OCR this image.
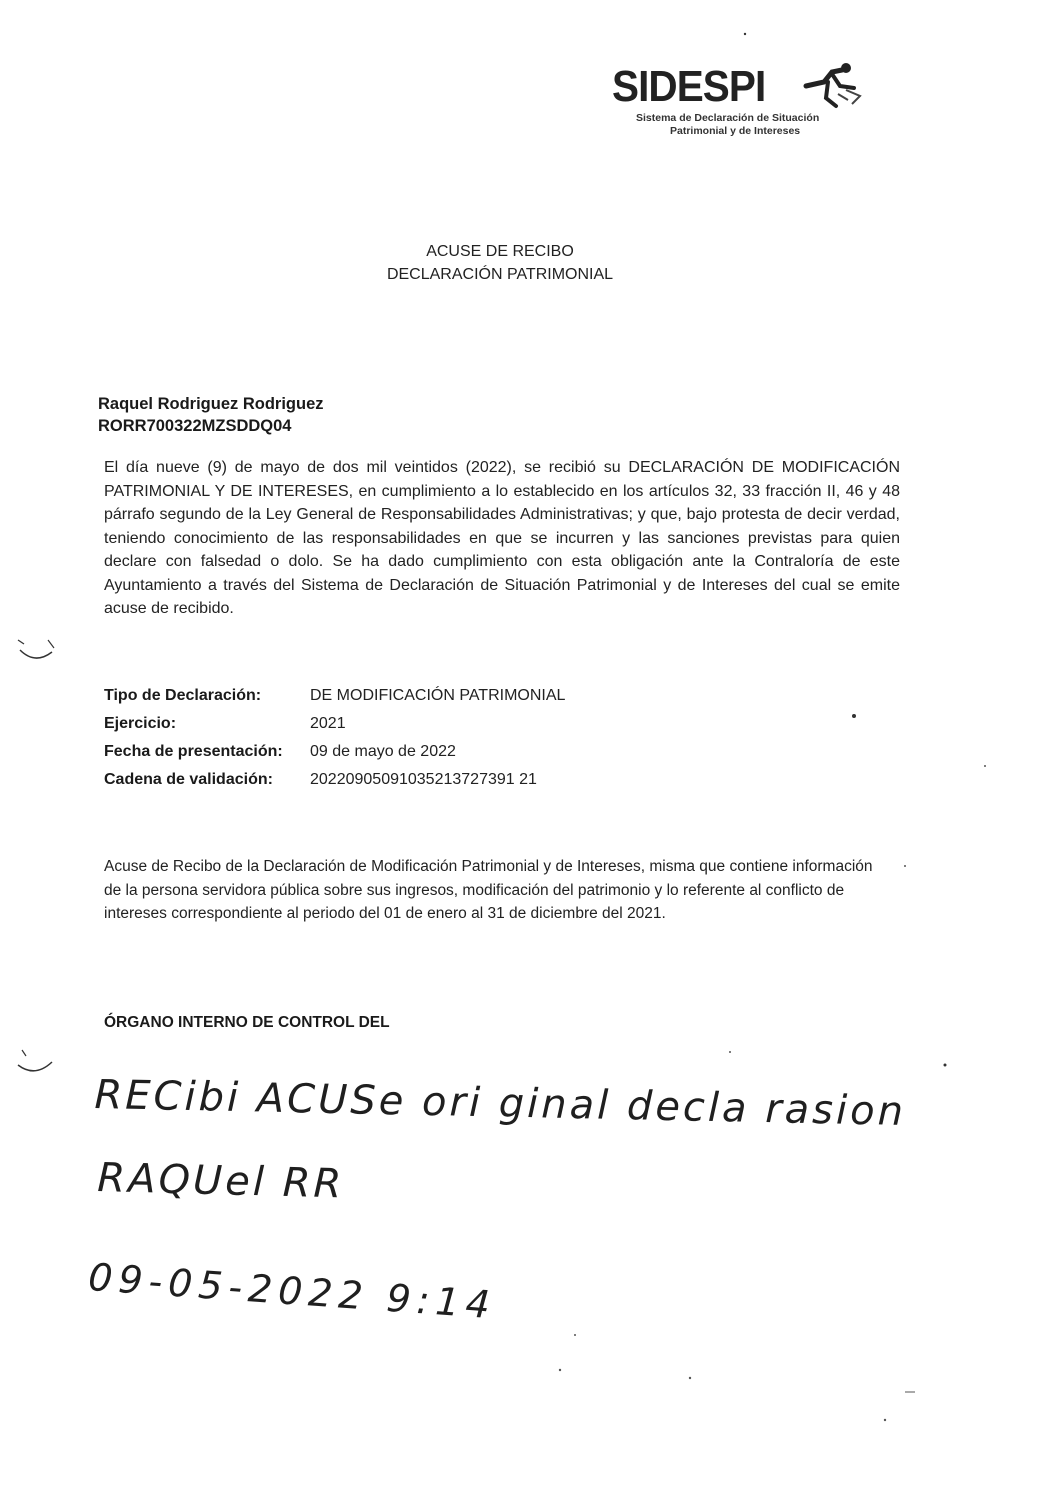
SIDESPI
Sistema de Declaración de Situación
Patrimonial y de Intereses
ACUSE DE RECIBO
DECLARACIÓN PATRIMONIAL
Raquel Rodriguez Rodriguez
RORR700322MZSDDQ04
El día nueve (9) de mayo de dos mil veintidos (2022), se recibió su DECLARACIÓN DE MODIFICACIÓN PATRIMONIAL Y DE INTERESES, en cumplimiento a lo establecido en los artículos 32, 33 fracción II, 46 y 48 párrafo segundo de la Ley General de Responsabilidades Administrativas; y que, bajo protesta de decir verdad, teniendo conocimiento de las responsabilidades en que se incurren y las sanciones previstas para quien declare con falsedad o dolo. Se ha dado cumplimiento con esta obligación ante la Contraloría de este Ayuntamiento a través del Sistema de Declaración de Situación Patrimonial y de Intereses del cual se emite acuse de recibido.
Tipo de Declaración:	DE MODIFICACIÓN PATRIMONIAL
Ejercicio:	2021
Fecha de presentación:	09 de mayo de 2022
Cadena de validación:	20220905091035213727391 21
Acuse de Recibo de la Declaración de Modificación Patrimonial y de Intereses, misma que contiene información de la persona servidora pública sobre sus ingresos, modificación del patrimonio y lo referente al conflicto de intereses correspondiente al periodo del 01 de enero al 31 de diciembre del 2021.
ÓRGANO INTERNO DE CONTROL DEL
RECibi ACUSe ori ginal decla rasion
RAQUel RR
09-05-2022 9:14
